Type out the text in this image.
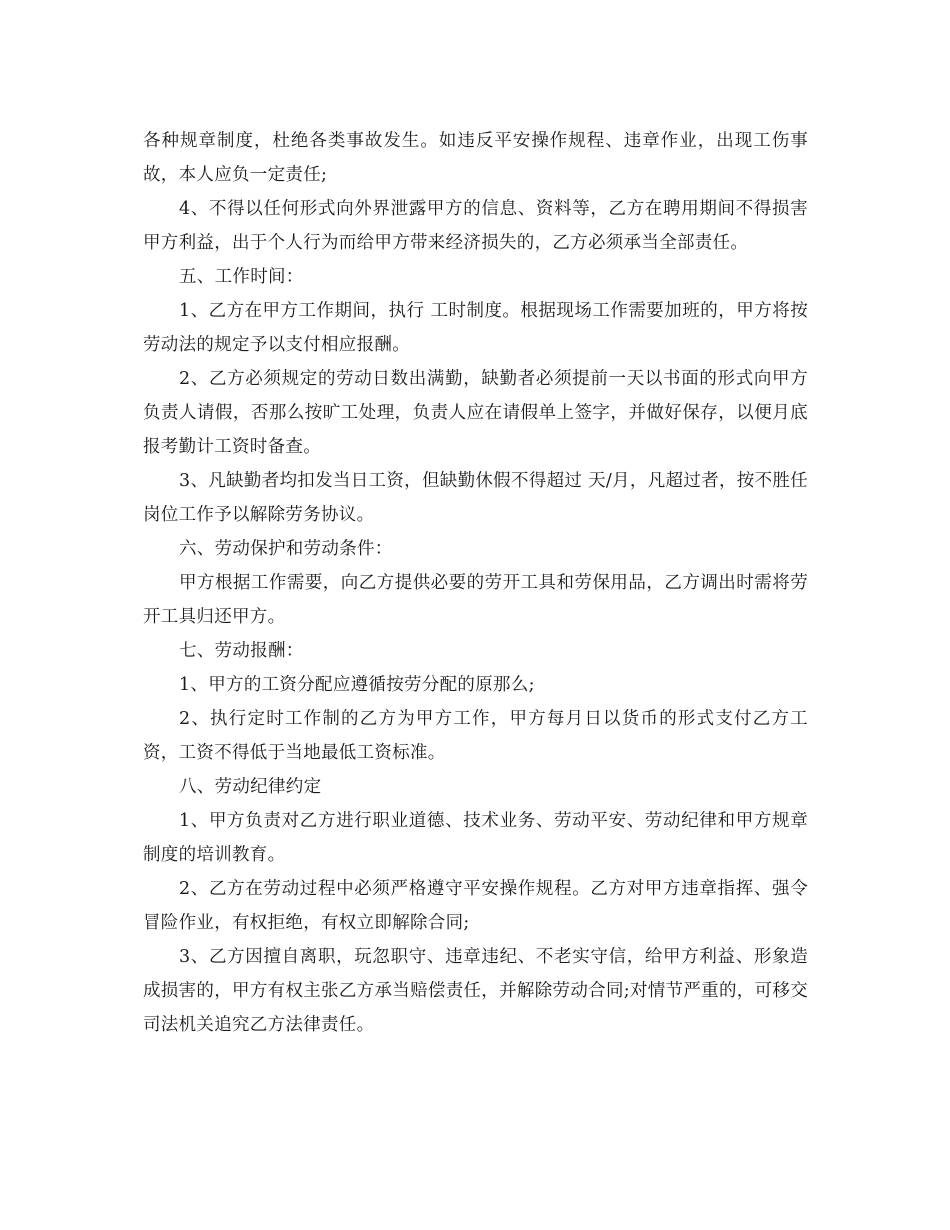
各种规章制度，杜绝各类事故发生。如违反平安操作规程、违章作业，出现工伤事故，本人应负一定责任;

4、不得以任何形式向外界泄露甲方的信息、资料等，乙方在聘用期间不得损害甲方利益，出于个人行为而给甲方带来经济损失的，乙方必须承当全部责任。

五、工作时间：

1、乙方在甲方工作期间，执行 工时制度。根据现场工作需要加班的，甲方将按劳动法的规定予以支付相应报酬。

2、乙方必须规定的劳动日数出满勤，缺勤者必须提前一天以书面的形式向甲方负责人请假，否那么按旷工处理，负责人应在请假单上签字，并做好保存，以便月底报考勤计工资时备查。

3、凡缺勤者均扣发当日工资，但缺勤休假不得超过 天/月，凡超过者，按不胜任岗位工作予以解除劳务协议。

六、劳动保护和劳动条件：

甲方根据工作需要，向乙方提供必要的劳开工具和劳保用品，乙方调出时需将劳开工具归还甲方。

七、劳动报酬：

1、甲方的工资分配应遵循按劳分配的原那么;

2、执行定时工作制的乙方为甲方工作，甲方每月日以货币的形式支付乙方工资，工资不得低于当地最低工资标准。

八、劳动纪律约定

1、甲方负责对乙方进行职业道德、技术业务、劳动平安、劳动纪律和甲方规章制度的培训教育。

2、乙方在劳动过程中必须严格遵守平安操作规程。乙方对甲方违章指挥、强令冒险作业，有权拒绝，有权立即解除合同;

3、乙方因擅自离职，玩忽职守、违章违纪、不老实守信，给甲方利益、形象造成损害的，甲方有权主张乙方承当赔偿责任，并解除劳动合同;对情节严重的，可移交司法机关追究乙方法律责任。
